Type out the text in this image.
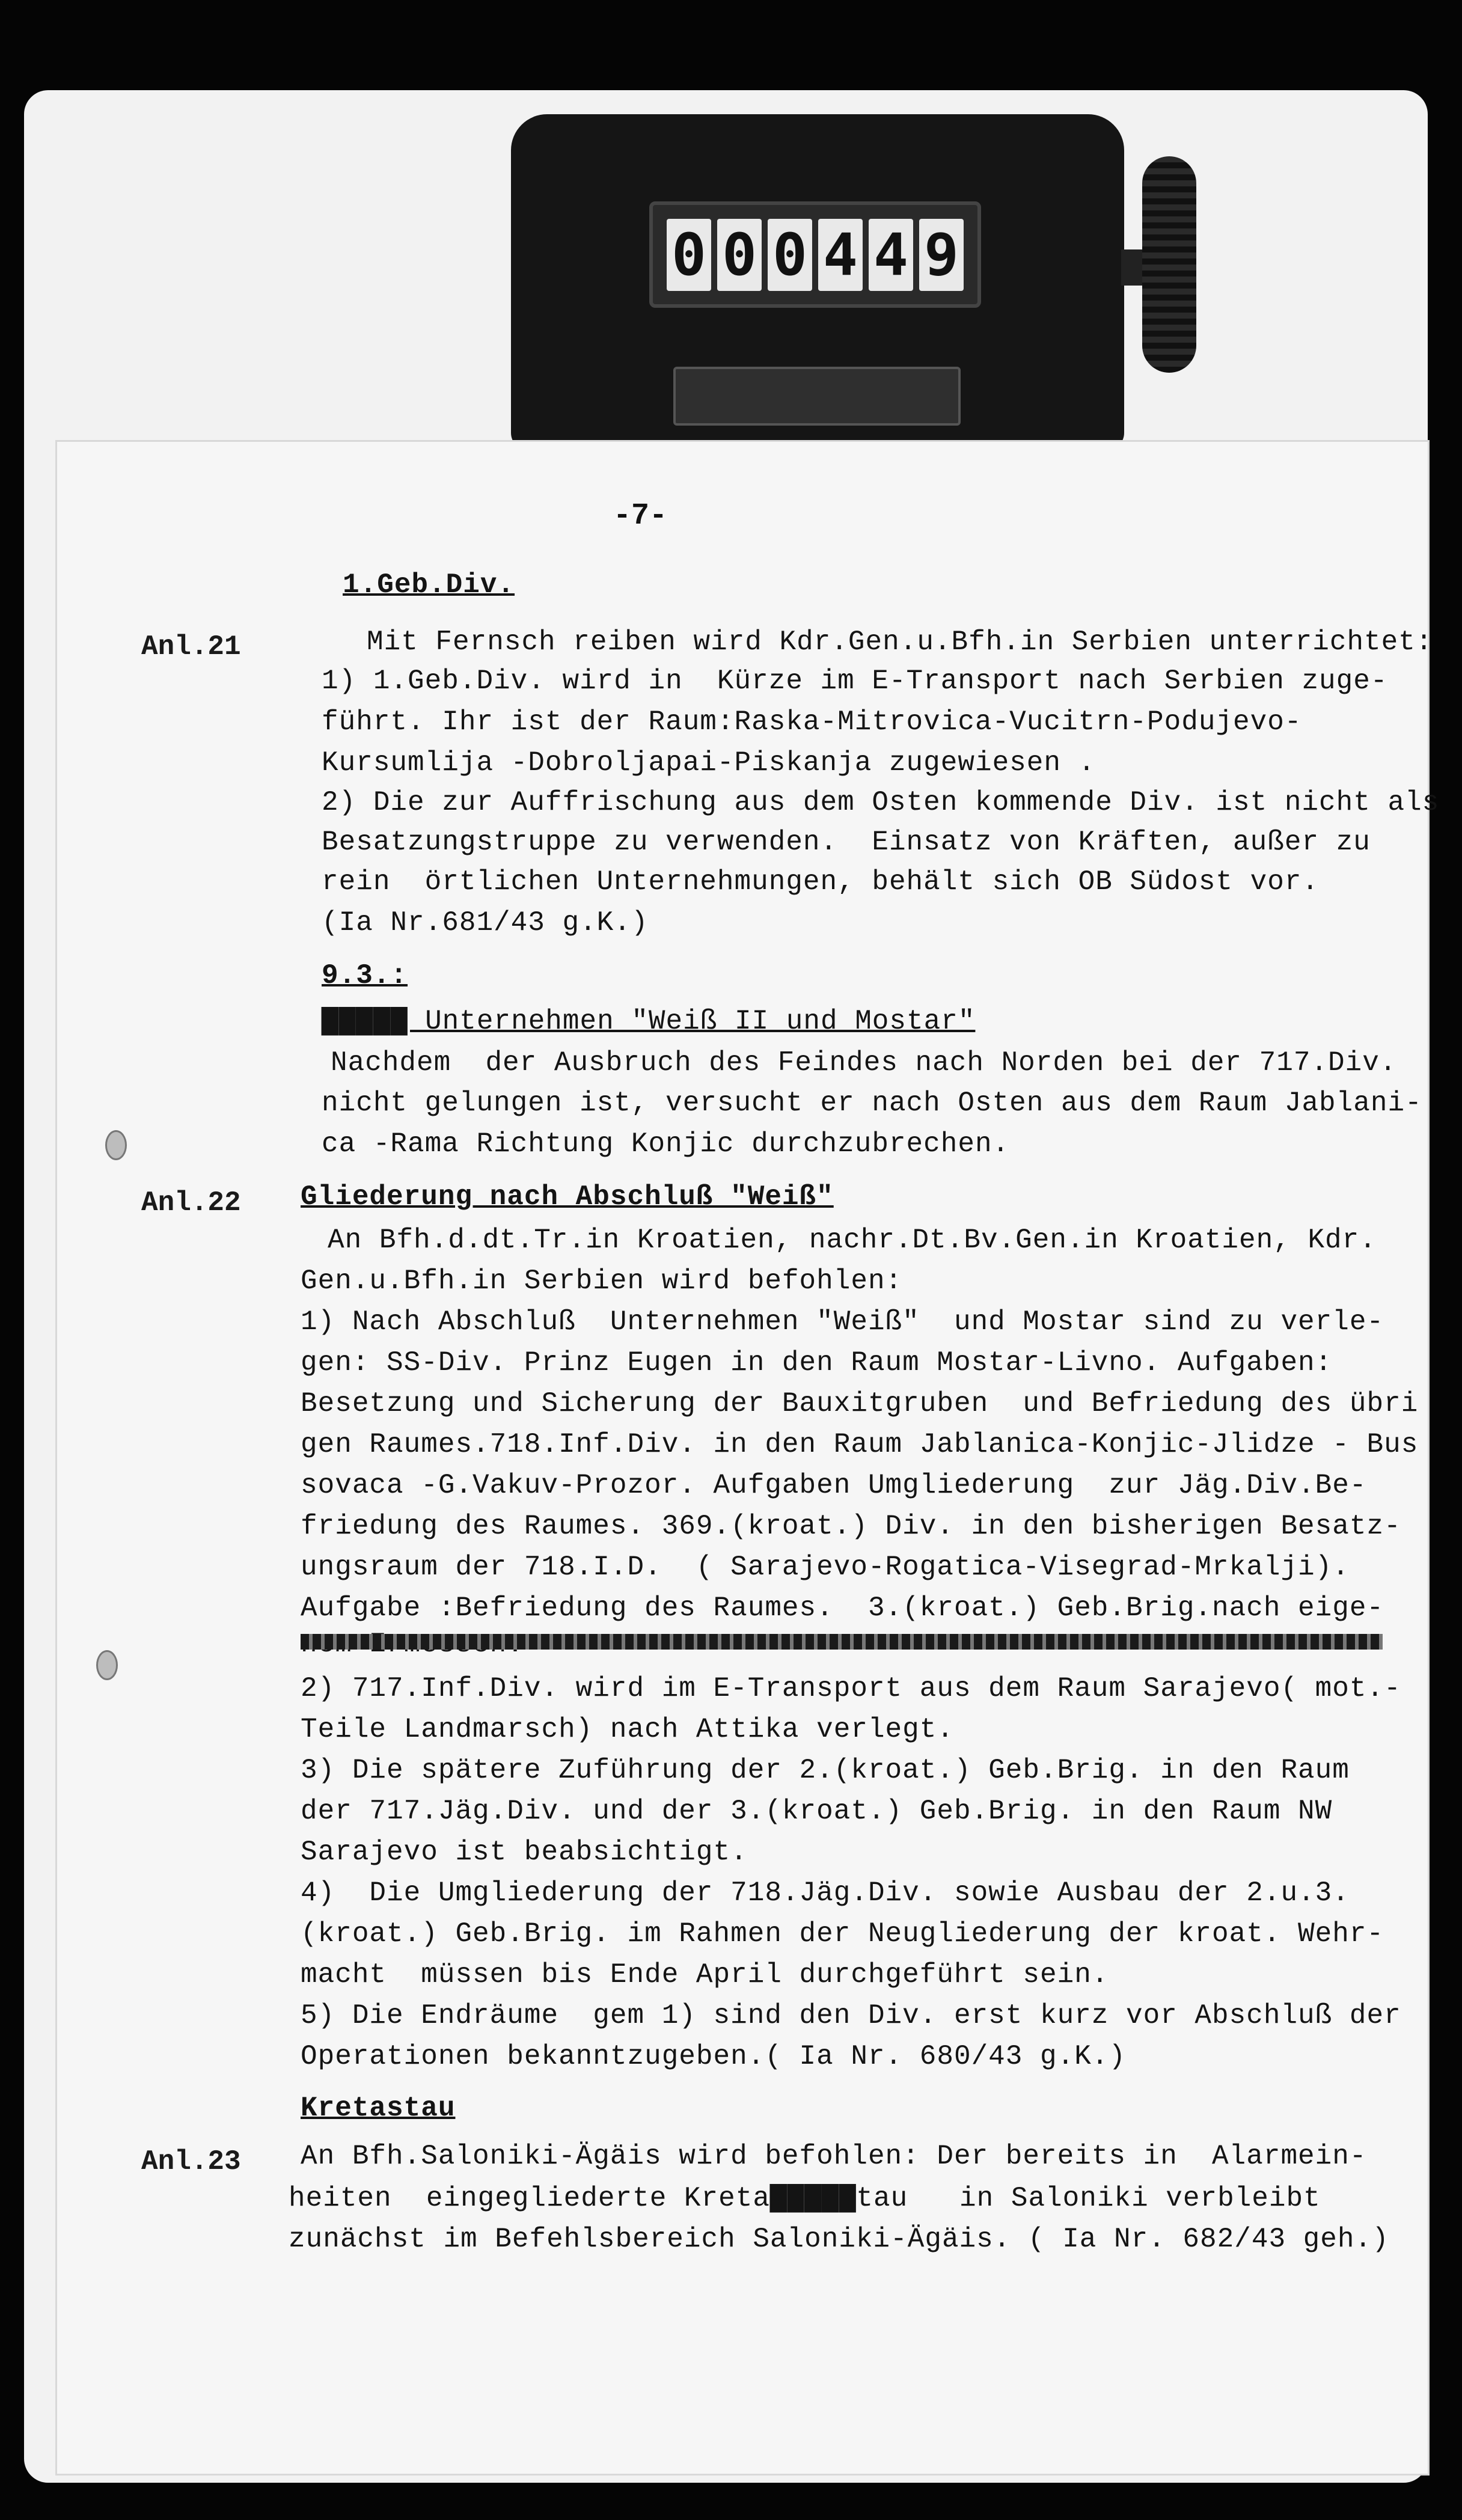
0 0 0 4 4 9
-7-
Anl.21
Anl.22
Anl.23
1.Geb.Div.
Mit Fernsch reiben wird Kdr.Gen.u.Bfh.in Serbien unterrichtet:
1) 1.Geb.Div. wird in  Kürze im E-Transport nach Serbien zuge-
führt. Ihr ist der Raum:Raska-Mitrovica-Vucitrn-Podujevo-
Kursumlija -Dobroljapai-Piskanja zugewiesen .
2) Die zur Auffrischung aus dem Osten kommende Div. ist nicht als
Besatzungstruppe zu verwenden.  Einsatz von Kräften, außer zu
rein  örtlichen Unternehmungen, behält sich OB Südost vor.
(Ia Nr.681/43 g.K.)
9.3.:
▇▇▇▇▇ Unternehmen "Weiß II und Mostar"
Nachdem  der Ausbruch des Feindes nach Norden bei der 717.Div.
nicht gelungen ist, versucht er nach Osten aus dem Raum Jablani-
ca -Rama Richtung Konjic durchzubrechen.
Gliederung nach Abschluß "Weiß"
An Bfh.d.dt.Tr.in Kroatien, nachr.Dt.Bv.Gen.in Kroatien, Kdr.
Gen.u.Bfh.in Serbien wird befohlen:
1) Nach Abschluß  Unternehmen "Weiß"  und Mostar sind zu verle-
gen: SS-Div. Prinz Eugen in den Raum Mostar-Livno. Aufgaben:
Besetzung und Sicherung der Bauxitgruben  und Befriedung des übri
gen Raumes.718.Inf.Div. in den Raum Jablanica-Konjic-Jlidze - Bus
sovaca -G.Vakuv-Prozor. Aufgaben Umgliederung  zur Jäg.Div.Be-
friedung des Raumes. 369.(kroat.) Div. in den bisherigen Besatz-
ungsraum der 718.I.D.  ( Sarajevo-Rogatica-Visegrad-Mrkalji).
Aufgabe :Befriedung des Raumes.  3.(kroat.) Geb.Brig.nach eige-
2) 717.Inf.Div. wird im E-Transport aus dem Raum Sarajevo( mot.-
Teile Landmarsch) nach Attika verlegt.
3) Die spätere Zuführung der 2.(kroat.) Geb.Brig. in den Raum
der 717.Jäg.Div. und der 3.(kroat.) Geb.Brig. in den Raum NW
Sarajevo ist beabsichtigt.
4)  Die Umgliederung der 718.Jäg.Div. sowie Ausbau der 2.u.3.
(kroat.) Geb.Brig. im Rahmen der Neugliederung der kroat. Wehr-
macht  müssen bis Ende April durchgeführt sein.
5) Die Endräume  gem 1) sind den Div. erst kurz vor Abschluß der
Operationen bekanntzugeben.( Ia Nr. 680/43 g.K.)
Kretastau
An Bfh.Saloniki-Ägäis wird befohlen: Der bereits in  Alarmein-
heiten  eingegliederte Kreta▇▇▇▇▇tau   in Saloniki verbleibt
zunächst im Befehlsbereich Saloniki-Ägäis. ( Ia Nr. 682/43 geh.)
